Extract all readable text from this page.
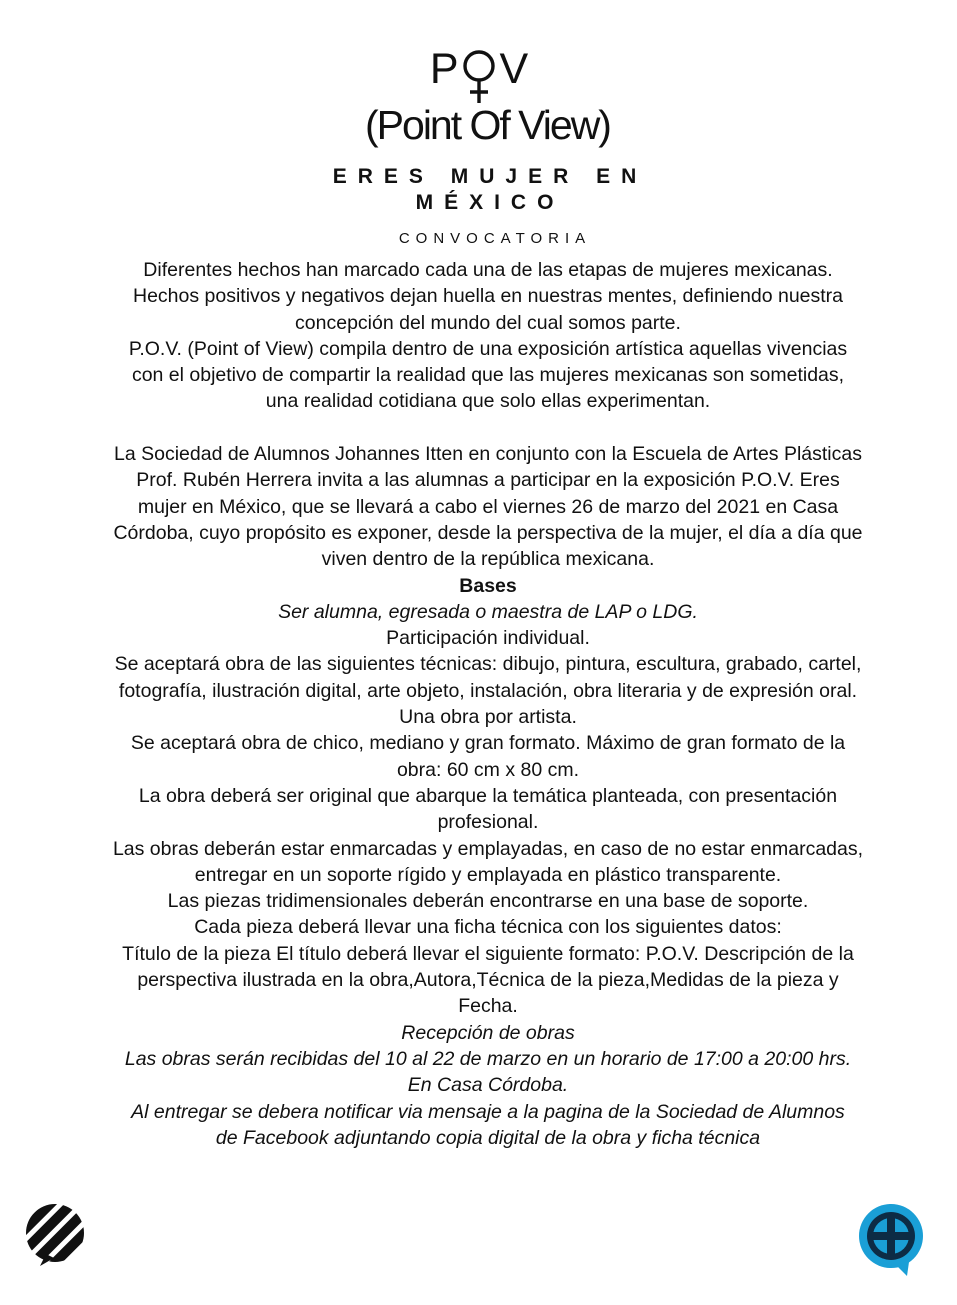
P V
(Point Of View)
ERES MUJER EN
MÉXICO
CONVOCATORIA

Diferentes hechos han marcado cada una de las etapas de mujeres mexicanas.

Hechos positivos y negativos dejan huella en nuestras mentes, definiendo nuestra

concepción del mundo del cual somos parte.

P.O.V. (Point of View) compila dentro de una exposición artística aquellas vivencias

con el objetivo de compartir la realidad que las mujeres mexicanas son sometidas,

una realidad cotidiana que solo ellas experimentan.

La Sociedad de Alumnos Johannes Itten en conjunto con la Escuela de Artes Plásticas

Prof. Rubén Herrera invita a las alumnas a participar en la exposición P.O.V. Eres

mujer en México, que se llevará a cabo el viernes 26 de marzo del 2021 en Casa

Córdoba, cuyo propósito es exponer, desde la perspectiva de la mujer, el día a día que

viven dentro de la república mexicana.

Bases

Ser alumna, egresada o maestra de LAP o LDG.

Participación individual.

Se aceptará obra de las siguientes técnicas: dibujo, pintura, escultura, grabado, cartel,

fotografía, ilustración digital, arte objeto, instalación, obra literaria y de expresión oral.

Una obra por artista.

Se aceptará obra de chico, mediano y gran formato. Máximo de gran formato de la

obra: 60 cm x 80 cm.

La obra deberá ser original que abarque la temática planteada, con presentación

profesional.

Las obras deberán estar enmarcadas y emplayadas, en caso de no estar enmarcadas,

entregar en un soporte rígido y emplayada en plástico transparente.

Las piezas tridimensionales deberán encontrarse en una base de soporte.

Cada pieza deberá llevar una ficha técnica con los siguientes datos:

Título de la pieza El título deberá llevar el siguiente formato: P.O.V. Descripción de la

perspectiva ilustrada en la obra,Autora,Técnica de la pieza,Medidas de la pieza y

Fecha.

Recepción de obras

Las obras serán recibidas del 10 al 22 de marzo en un horario de 17:00 a 20:00 hrs.

En Casa Córdoba.

Al entregar se debera notificar via mensaje a la pagina de la Sociedad de Alumnos

de Facebook adjuntando copia digital de la obra y ficha técnica
